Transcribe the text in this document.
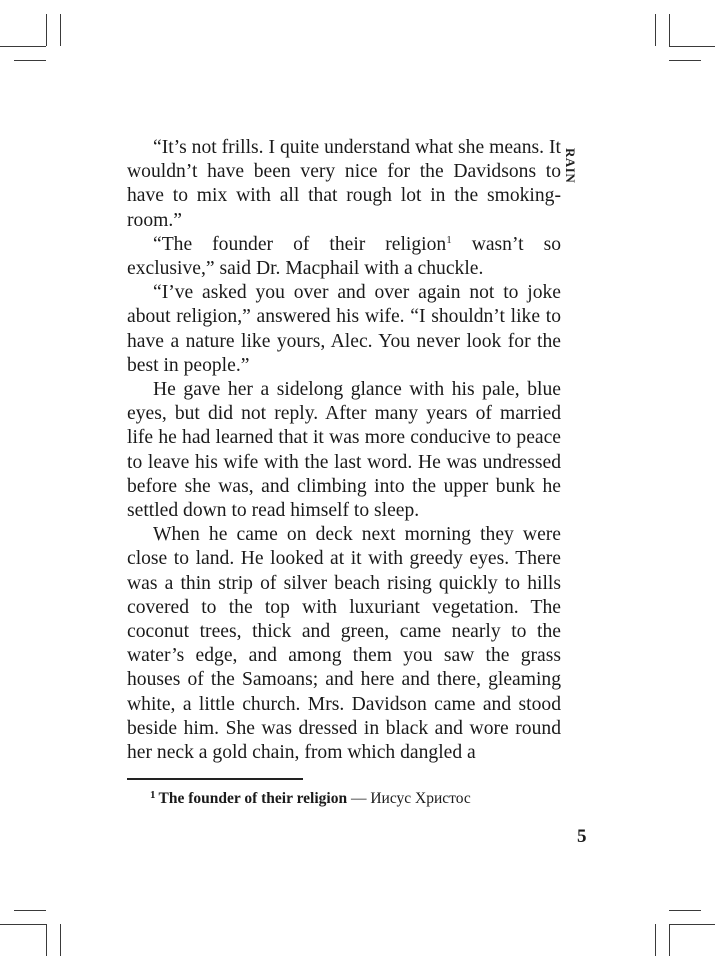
RAIN

“It’s not frills. I quite understand what she means. It wouldn’t have been very nice for the Davidsons to have to mix with all that rough lot in the smoking-room.”

“The founder of their religion$^1$ wasn’t so exclusive,” said Dr. Macphail with a chuckle.

“I’ve asked you over and over again not to joke about religion,” answered his wife. “I shouldn’t like to have a nature like yours, Alec. You never look for the best in people.”

He gave her a sidelong glance with his pale, blue eyes, but did not reply. After many years of married life he had learned that it was more conducive to peace to leave his wife with the last word. He was undressed before she was, and climbing into the upper bunk he settled down to read himself to sleep.

When he came on deck next morning they were close to land. He looked at it with greedy eyes. There was a thin strip of silver beach rising quickly to hills covered to the top with luxuriant vegetation. The coconut trees, thick and green, came nearly to the water’s edge, and among them you saw the grass houses of the Samoans; and here and there, gleaming white, a little church. Mrs. Davidson came and stood beside him. She was dressed in black and wore round her neck a gold chain, from which dangled a

$^1$ The founder of their religion — Иисус Христос
5
